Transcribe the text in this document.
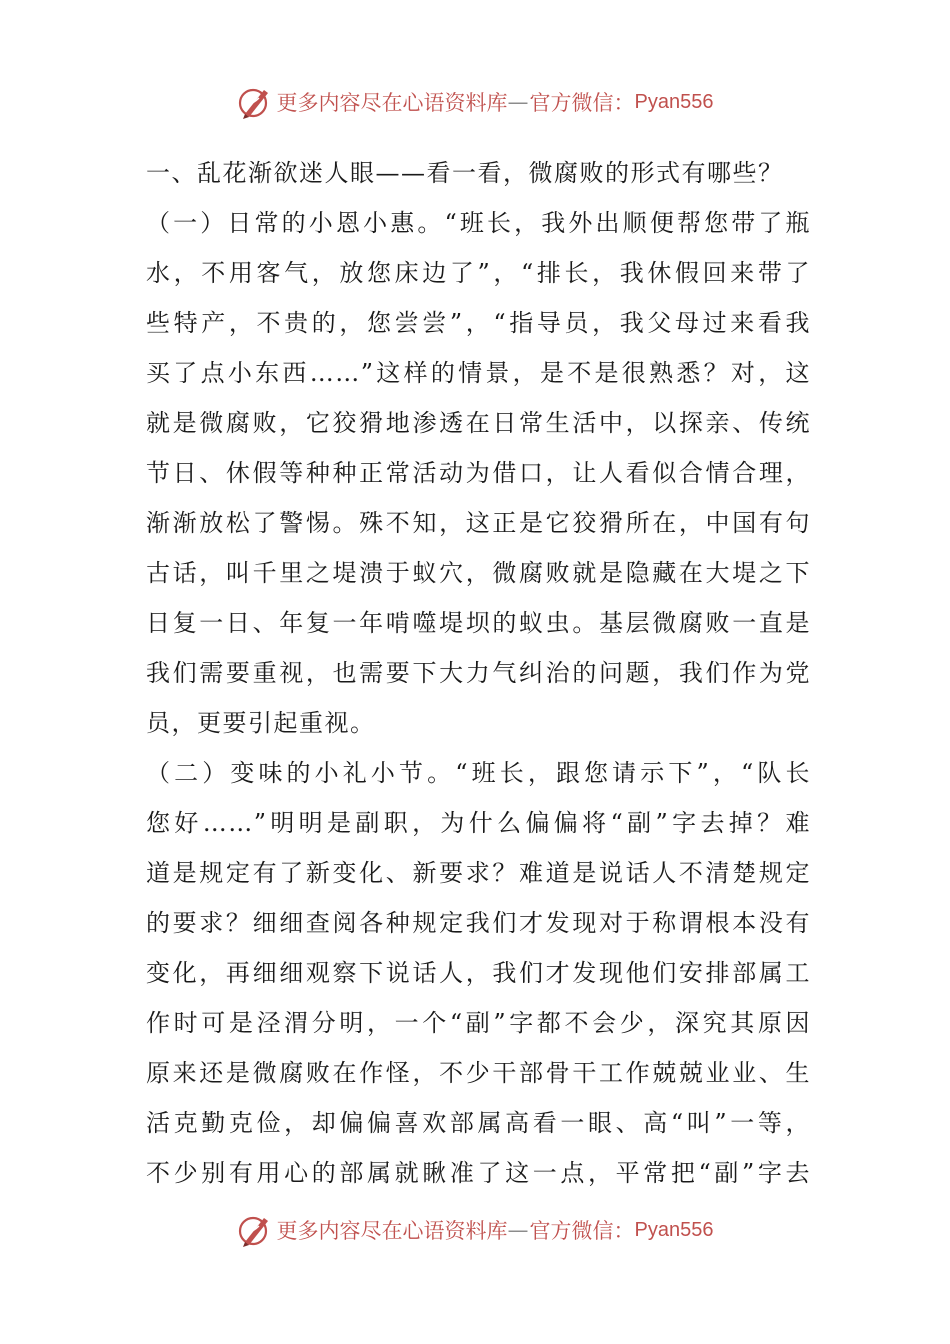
更多内容尽在心语资料库 — 官方微信： Pyan556
一、乱花渐欲迷人眼——看一看，微腐败的形式有哪些？
（一）日常的小恩小惠。“班长，我外出顺便帮您带了瓶
水，不用客气，放您床边了”，“排长，我休假回来带了
些特产，不贵的，您尝尝”，“指导员，我父母过来看我
买了点小东西……”这样的情景，是不是很熟悉？对，这
就是微腐败，它狡猾地渗透在日常生活中，以探亲、传统
节日、休假等种种正常活动为借口，让人看似合情合理，
渐渐放松了警惕。殊不知，这正是它狡猾所在，中国有句
古话，叫千里之堤溃于蚁穴，微腐败就是隐藏在大堤之下
日复一日、年复一年啃噬堤坝的蚁虫。基层微腐败一直是
我们需要重视，也需要下大力气纠治的问题，我们作为党
员，更要引起重视。
（二）变味的小礼小节。“班长，跟您请示下”，“队长
您好……”明明是副职，为什么偏偏将“副”字去掉？难
道是规定有了新变化、新要求？难道是说话人不清楚规定
的要求？细细查阅各种规定我们才发现对于称谓根本没有
变化，再细细观察下说话人，我们才发现他们安排部属工
作时可是泾渭分明，一个“副”字都不会少，深究其原因
原来还是微腐败在作怪，不少干部骨干工作兢兢业业、生
活克勤克俭，却偏偏喜欢部属高看一眼、高“叫”一等，
不少别有用心的部属就瞅准了这一点，平常把“副”字去
更多内容尽在心语资料库 — 官方微信： Pyan556
